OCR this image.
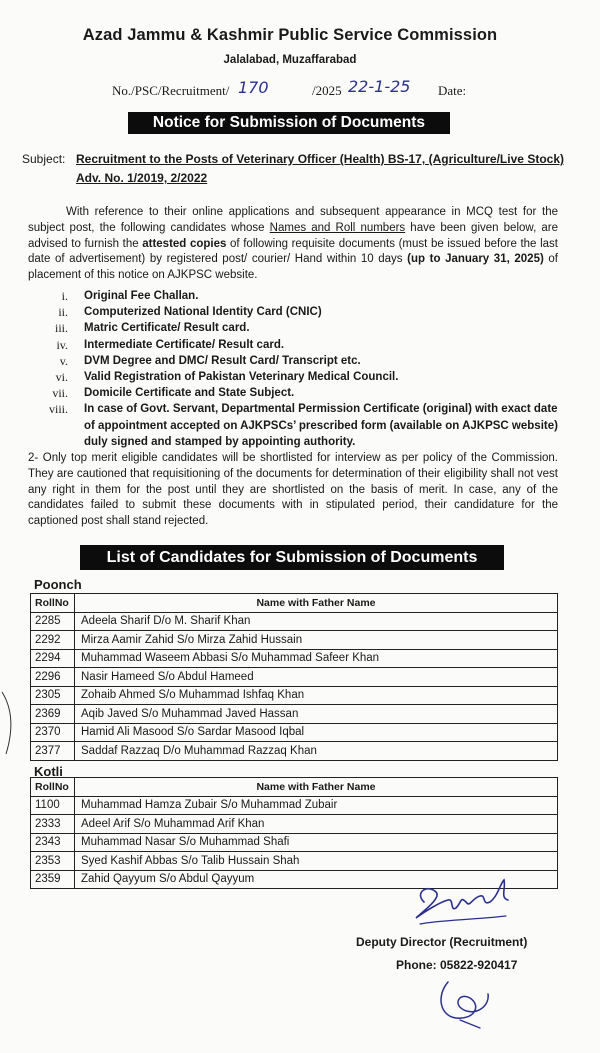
Azad Jammu & Kashmir Public Service Commission
Jalalabad, Muzaffarabad
No./PSC/Recruitment/ 170	/2025 22-1-25 Date:
Notice for Submission of Documents
Subject: Recruitment to the Posts of Veterinary Officer (Health) BS-17, (Agriculture/Live Stock) Adv. No. 1/2019, 2/2022
With reference to their online applications and subsequent appearance in MCQ test for the subject post, the following candidates whose Names and Roll numbers have been given below, are advised to furnish the attested copies of following requisite documents (must be issued before the last date of advertisement) by registered post/ courier/ Hand within 10 days (up to January 31, 2025) of placement of this notice on AJKPSC website.
i. Original Fee Challan.
ii. Computerized National Identity Card (CNIC)
iii. Matric Certificate/ Result card.
iv. Intermediate Certificate/ Result card.
v. DVM Degree and DMC/ Result Card/ Transcript etc.
vi. Valid Registration of Pakistan Veterinary Medical Council.
vii. Domicile Certificate and State Subject.
viii. In case of Govt. Servant, Departmental Permission Certificate (original) with exact date of appointment accepted on AJKPSCs’ prescribed form (available on AJKPSC website) duly signed and stamped by appointing authority.
2- Only top merit eligible candidates will be shortlisted for interview as per policy of the Commission. They are cautioned that requisitioning of the documents for determination of their eligibility shall not vest any right in them for the post until they are shortlisted on the basis of merit. In case, any of the candidates failed to submit these documents with in stipulated period, their candidature for the captioned post shall stand rejected.
List of Candidates for Submission of Documents
Poonch
RollNo	Name with Father Name
2285	Adeela Sharif D/o M. Sharif Khan
2292	Mirza Aamir Zahid S/o Mirza Zahid Hussain
2294	Muhammad Waseem Abbasi S/o Muhammad Safeer Khan
2296	Nasir Hameed S/o Abdul Hameed
2305	Zohaib Ahmed S/o Muhammad Ishfaq Khan
2369	Aqib Javed S/o Muhammad Javed Hassan
2370	Hamid Ali Masood S/o Sardar Masood Iqbal
2377	Saddaf Razzaq D/o Muhammad Razzaq Khan
Kotli
RollNo	Name with Father Name
1100	Muhammad Hamza Zubair S/o Muhammad Zubair
2333	Adeel Arif S/o Muhammad Arif Khan
2343	Muhammad Nasar S/o Muhammad Shafi
2353	Syed Kashif Abbas S/o Talib Hussain Shah
2359	Zahid Qayyum S/o Abdul Qayyum
Deputy Director (Recruitment)
Phone: 05822-920417
